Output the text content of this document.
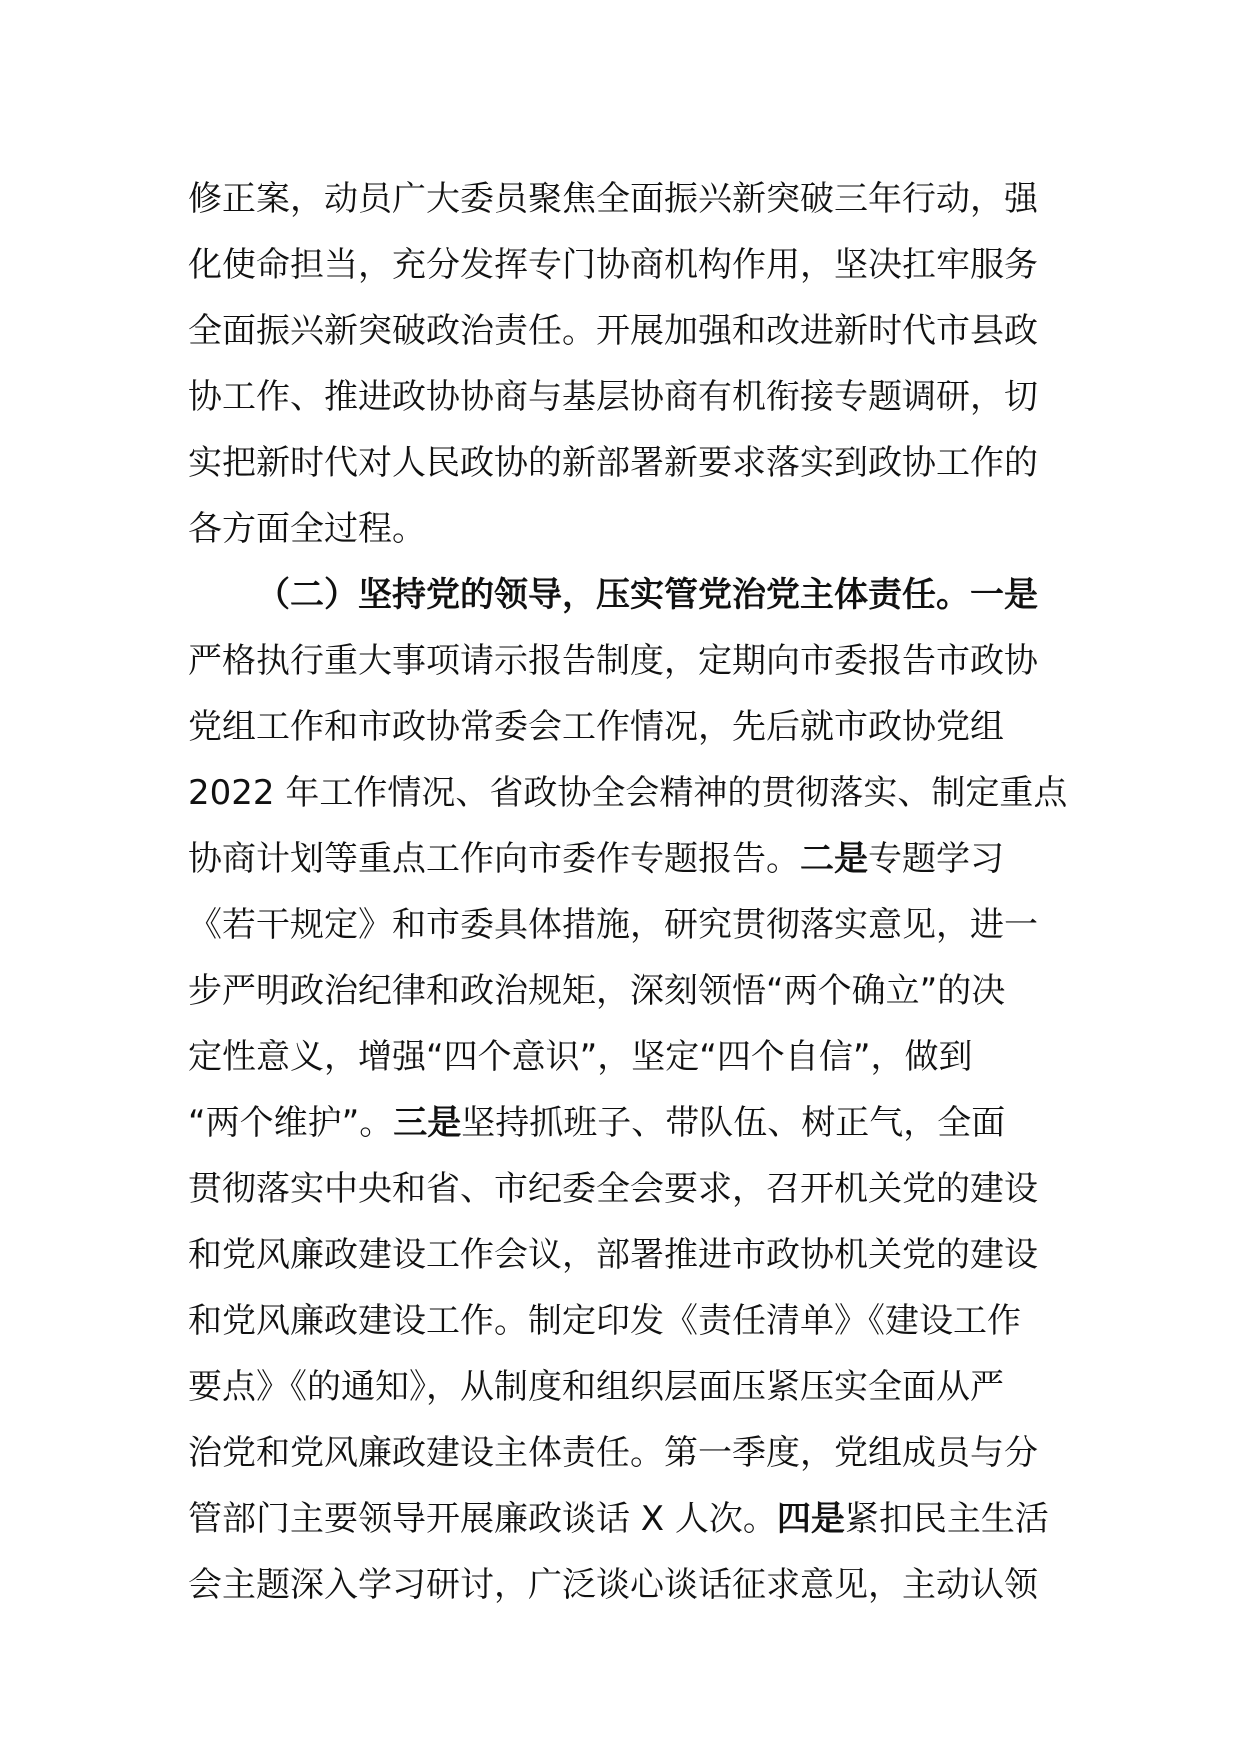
修正案，动员广大委员聚焦全面振兴新突破三年行动，强
化使命担当，充分发挥专门协商机构作用，坚决扛牢服务
全面振兴新突破政治责任。开展加强和改进新时代市县政
协工作、推进政协协商与基层协商有机衔接专题调研，切
实把新时代对人民政协的新部署新要求落实到政协工作的
各方面全过程。
（二）坚持党的领导，压实管党治党主体责任。一是
严格执行重大事项请示报告制度，定期向市委报告市政协
党组工作和市政协常委会工作情况，先后就市政协党组
2022 年工作情况、省政协全会精神的贯彻落实、制定重点
协商计划等重点工作向市委作专题报告。二是专题学习
《若干规定》和市委具体措施，研究贯彻落实意见，进一
步严明政治纪律和政治规矩，深刻领悟“两个确立”的决
定性意义，增强“四个意识”，坚定“四个自信”，做到
“两个维护”。三是坚持抓班子、带队伍、树正气，全面
贯彻落实中央和省、市纪委全会要求，召开机关党的建设
和党风廉政建设工作会议，部署推进市政协机关党的建设
和党风廉政建设工作。制定印发《责任清单》《建设工作
要点》《的通知》，从制度和组织层面压紧压实全面从严
治党和党风廉政建设主体责任。第一季度，党组成员与分
管部门主要领导开展廉政谈话 X 人次。四是紧扣民主生活
会主题深入学习研讨，广泛谈心谈话征求意见，主动认领
